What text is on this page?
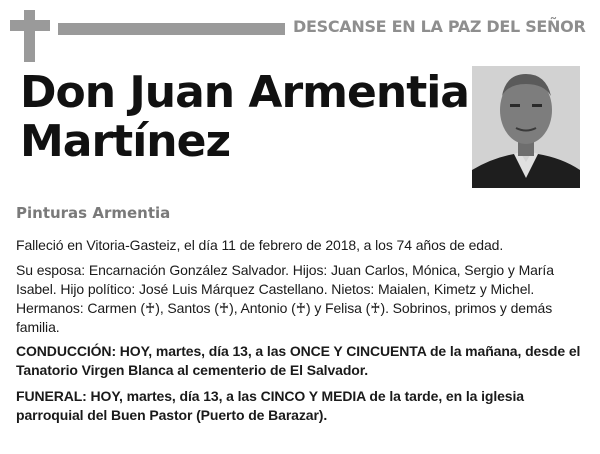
DESCANSE EN LA PAZ DEL SEÑOR
Don Juan Armentia Martínez
Pinturas Armentia

Falleció en Vitoria-Gasteiz, el día 11 de febrero de 2018, a los 74 años de edad.

Su esposa: Encarnación González Salvador. Hijos: Juan Carlos, Mónica, Sergio y María Isabel. Hijo político: José Luis Márquez Castellano. Nietos: Maialen, Kimetz y Michel. Hermanos: Carmen (♰), Santos (♰), Antonio (♰) y Felisa (♰). Sobrinos, primos y demás familia.

CONDUCCIÓN: HOY, martes, día 13, a las ONCE Y CINCUENTA de la mañana, desde el Tanatorio Virgen Blanca al cementerio de El Salvador.

FUNERAL: HOY, martes, día 13, a las CINCO Y MEDIA de la tarde, en la iglesia parroquial del Buen Pastor (Puerto de Barazar).
